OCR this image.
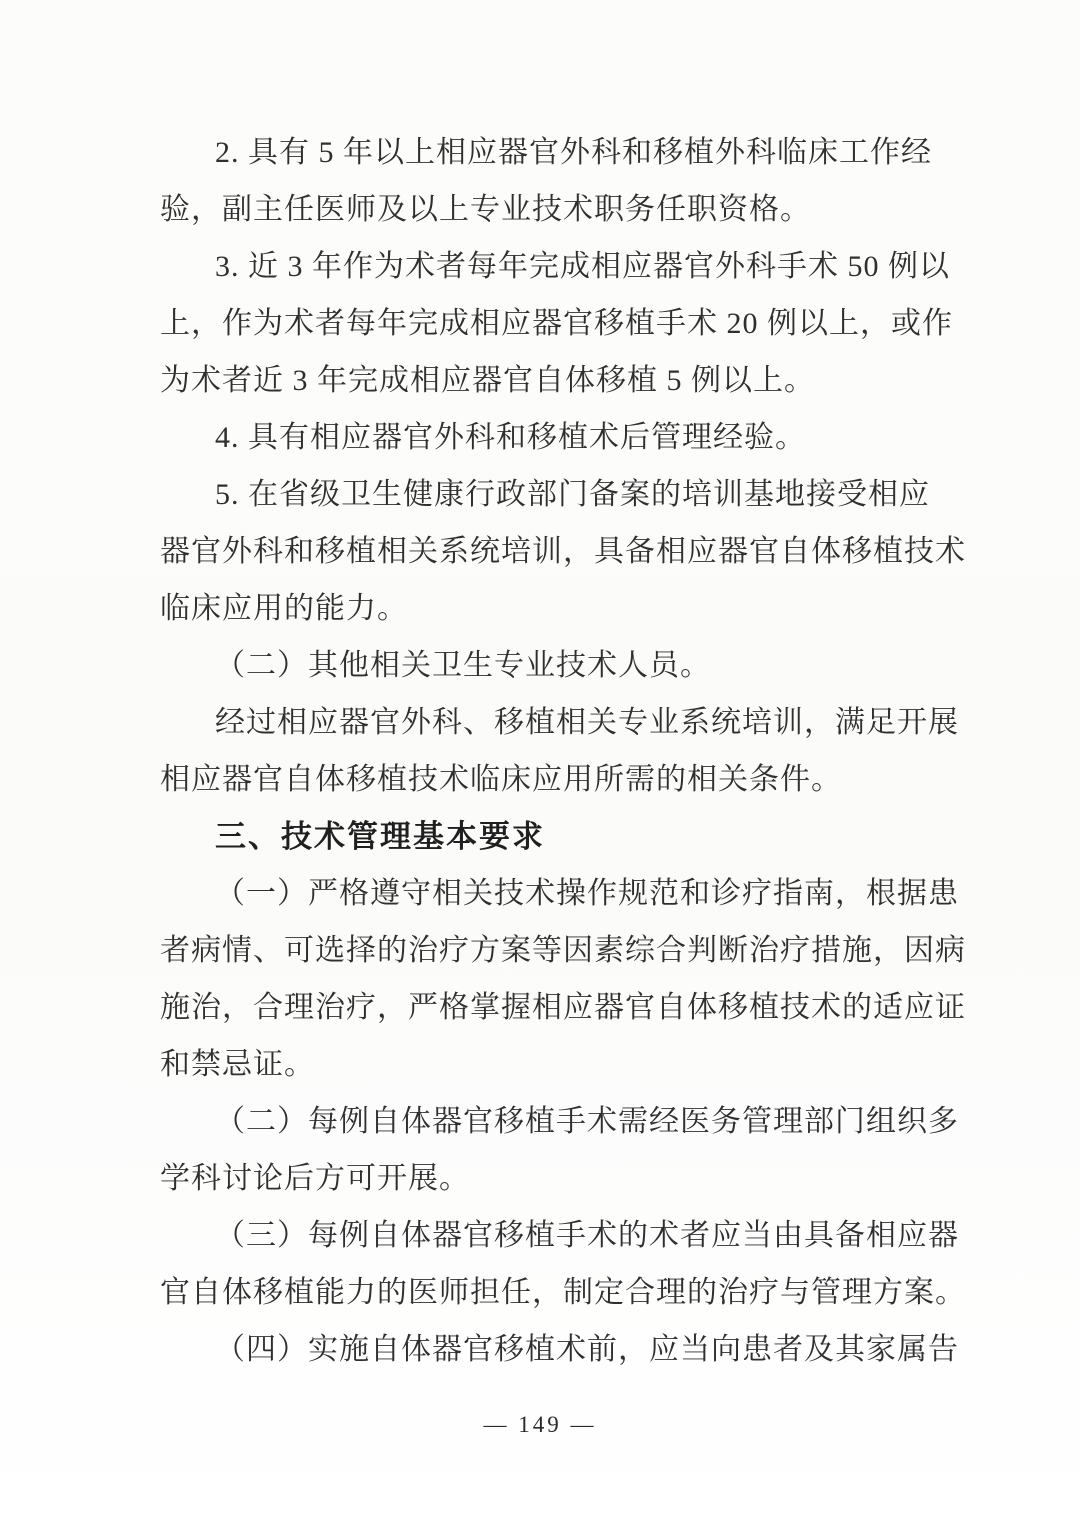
2. 具有 5 年以上相应器官外科和移植外科临床工作经
验，副主任医师及以上专业技术职务任职资格。
3. 近 3 年作为术者每年完成相应器官外科手术 50 例以
上，作为术者每年完成相应器官移植手术 20 例以上，或作
为术者近 3 年完成相应器官自体移植 5 例以上。
4. 具有相应器官外科和移植术后管理经验。
5. 在省级卫生健康行政部门备案的培训基地接受相应
器官外科和移植相关系统培训，具备相应器官自体移植技术
临床应用的能力。
（二）其他相关卫生专业技术人员。
经过相应器官外科、移植相关专业系统培训，满足开展
相应器官自体移植技术临床应用所需的相关条件。
三、技术管理基本要求
（一）严格遵守相关技术操作规范和诊疗指南，根据患
者病情、可选择的治疗方案等因素综合判断治疗措施，因病
施治，合理治疗，严格掌握相应器官自体移植技术的适应证
和禁忌证。
（二）每例自体器官移植手术需经医务管理部门组织多
学科讨论后方可开展。
（三）每例自体器官移植手术的术者应当由具备相应器
官自体移植能力的医师担任，制定合理的治疗与管理方案。
（四）实施自体器官移植术前，应当向患者及其家属告
— 149 —
